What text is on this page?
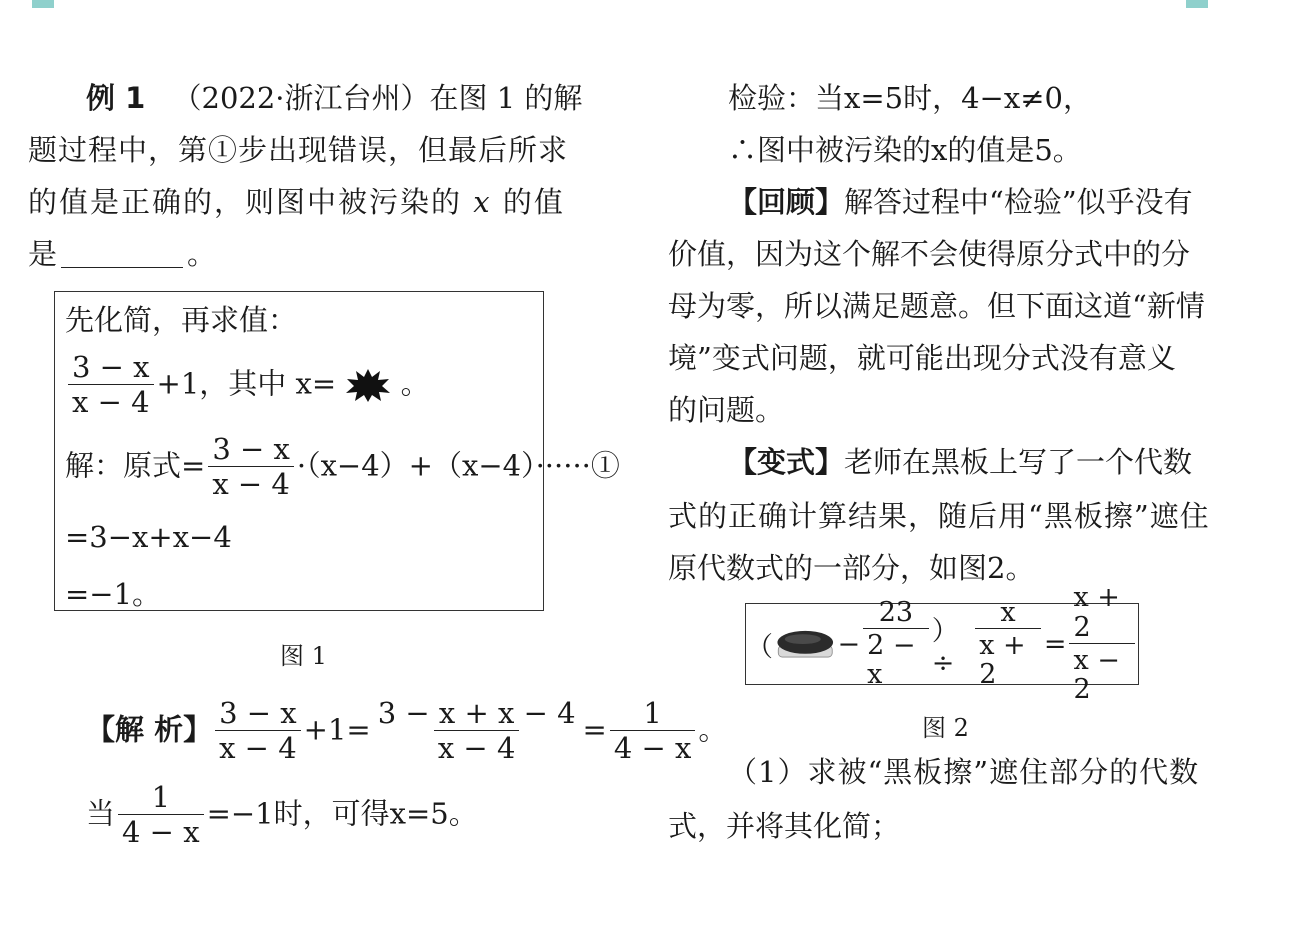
例 1 （2022·浙江台州）在图 1 的解
题过程中，第①步出现错误，但最后所求
的值是正确的，则图中被污染的 x 的值
是	。
先化简，再求值：
$\frac{3 - x}{x - 4} +1$，其中 x= 。
解：原式= $\frac{3 - x}{x - 4}$ ·（x−4）+（x−4）······①
=3−x+x−4
=−1。
图 1
【解 析】 $\frac{3 - x}{x - 4} +1= \frac{3 - x + x - 4}{x - 4} = \frac{1}{4 - x}$ 。
当 $\frac{1}{4 - x} =-1$时，可得x=5。
检验：当x=5时，4−x≠0，
∴图中被污染的x的值是5。
【回顾】解答过程中“检验”似乎没有
价值，因为这个解不会使得原分式中的分
母为零，所以满足题意。但下面这道“新情
境”变式问题，就可能出现分式没有意义
的问题。
【变式】老师在黑板上写了一个代数
式的正确计算结果，随后用“黑板擦”遮住
原代数式的一部分，如图2。
（ − $\frac{23}{2 - x}$ ）÷ $\frac{x}{x + 2} = \frac{x + 2}{x - 2}$
图 2
（1）求被“黑板擦”遮住部分的代数
式，并将其化简；
